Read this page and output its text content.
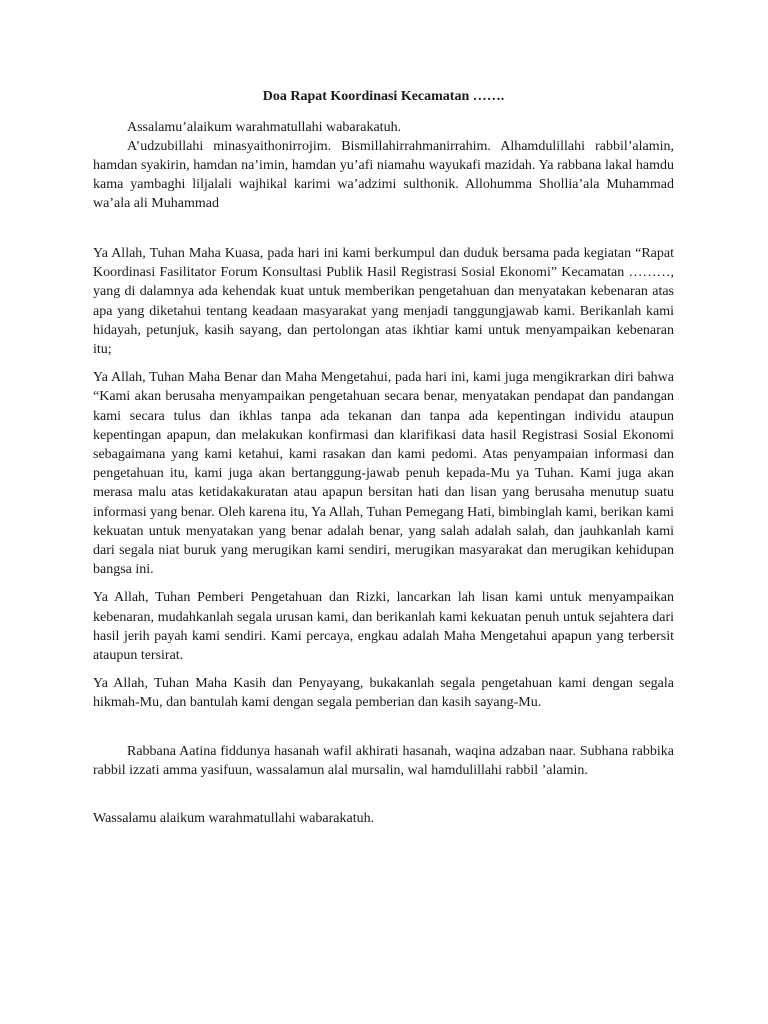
Doa Rapat Koordinasi Kecamatan …….

Assalamu’alaikum warahmatullahi wabarakatuh.

A’udzubillahi minasyaithonirrojim. Bismillahirrahmanirrahim. Alhamdulillahi rabbil’alamin, hamdan syakirin, hamdan na’imin, hamdan yu’afi niamahu wayukafi mazidah. Ya rabbana lakal hamdu kama yambaghi liljalali wajhikal karimi wa’adzimi sulthonik. Allohumma Shollia’ala Muhammad wa’ala ali Muhammad

Ya Allah, Tuhan Maha Kuasa, pada hari ini kami berkumpul dan duduk bersama pada kegiatan “Rapat Koordinasi Fasilitator Forum Konsultasi Publik Hasil Registrasi Sosial Ekonomi” Kecamatan ………, yang di dalamnya ada kehendak kuat untuk memberikan pengetahuan dan menyatakan kebenaran atas apa yang diketahui tentang keadaan masyarakat yang menjadi tanggungjawab kami. Berikanlah kami hidayah, petunjuk, kasih sayang, dan pertolongan atas ikhtiar kami untuk menyampaikan kebenaran itu;

Ya Allah, Tuhan Maha Benar dan Maha Mengetahui, pada hari ini, kami juga mengikrarkan diri bahwa “Kami akan berusaha menyampaikan pengetahuan secara benar, menyatakan pendapat dan pandangan kami secara tulus dan ikhlas tanpa ada tekanan dan tanpa ada kepentingan individu ataupun kepentingan apapun, dan melakukan konfirmasi dan klarifikasi data hasil Registrasi Sosial Ekonomi sebagaimana yang kami ketahui, kami rasakan dan kami pedomi. Atas penyampaian informasi dan pengetahuan itu, kami juga akan bertanggung-jawab penuh kepada-Mu ya Tuhan. Kami juga akan merasa malu atas ketidakakuratan atau apapun bersitan hati dan lisan yang berusaha menutup suatu informasi yang benar. Oleh karena itu, Ya Allah, Tuhan Pemegang Hati, bimbinglah kami, berikan kami kekuatan untuk menyatakan yang benar adalah benar, yang salah adalah salah, dan jauhkanlah kami dari segala niat buruk yang merugikan kami sendiri, merugikan masyarakat dan merugikan kehidupan bangsa ini.

Ya Allah, Tuhan Pemberi Pengetahuan dan Rizki, lancarkan lah lisan kami untuk menyampaikan kebenaran, mudahkanlah segala urusan kami, dan berikanlah kami kekuatan penuh untuk sejahtera dari hasil jerih payah kami sendiri. Kami percaya, engkau adalah Maha Mengetahui apapun yang terbersit ataupun tersirat.

Ya Allah, Tuhan Maha Kasih dan Penyayang, bukakanlah segala pengetahuan kami dengan segala hikmah-Mu, dan bantulah kami dengan segala pemberian dan kasih sayang-Mu.

Rabbana Aatina fiddunya hasanah wafil akhirati hasanah, waqina adzaban naar. Subhana rabbika rabbil izzati amma yasifuun, wassalamun alal mursalin, wal hamdulillahi rabbil ’alamin.

Wassalamu alaikum warahmatullahi wabarakatuh.
